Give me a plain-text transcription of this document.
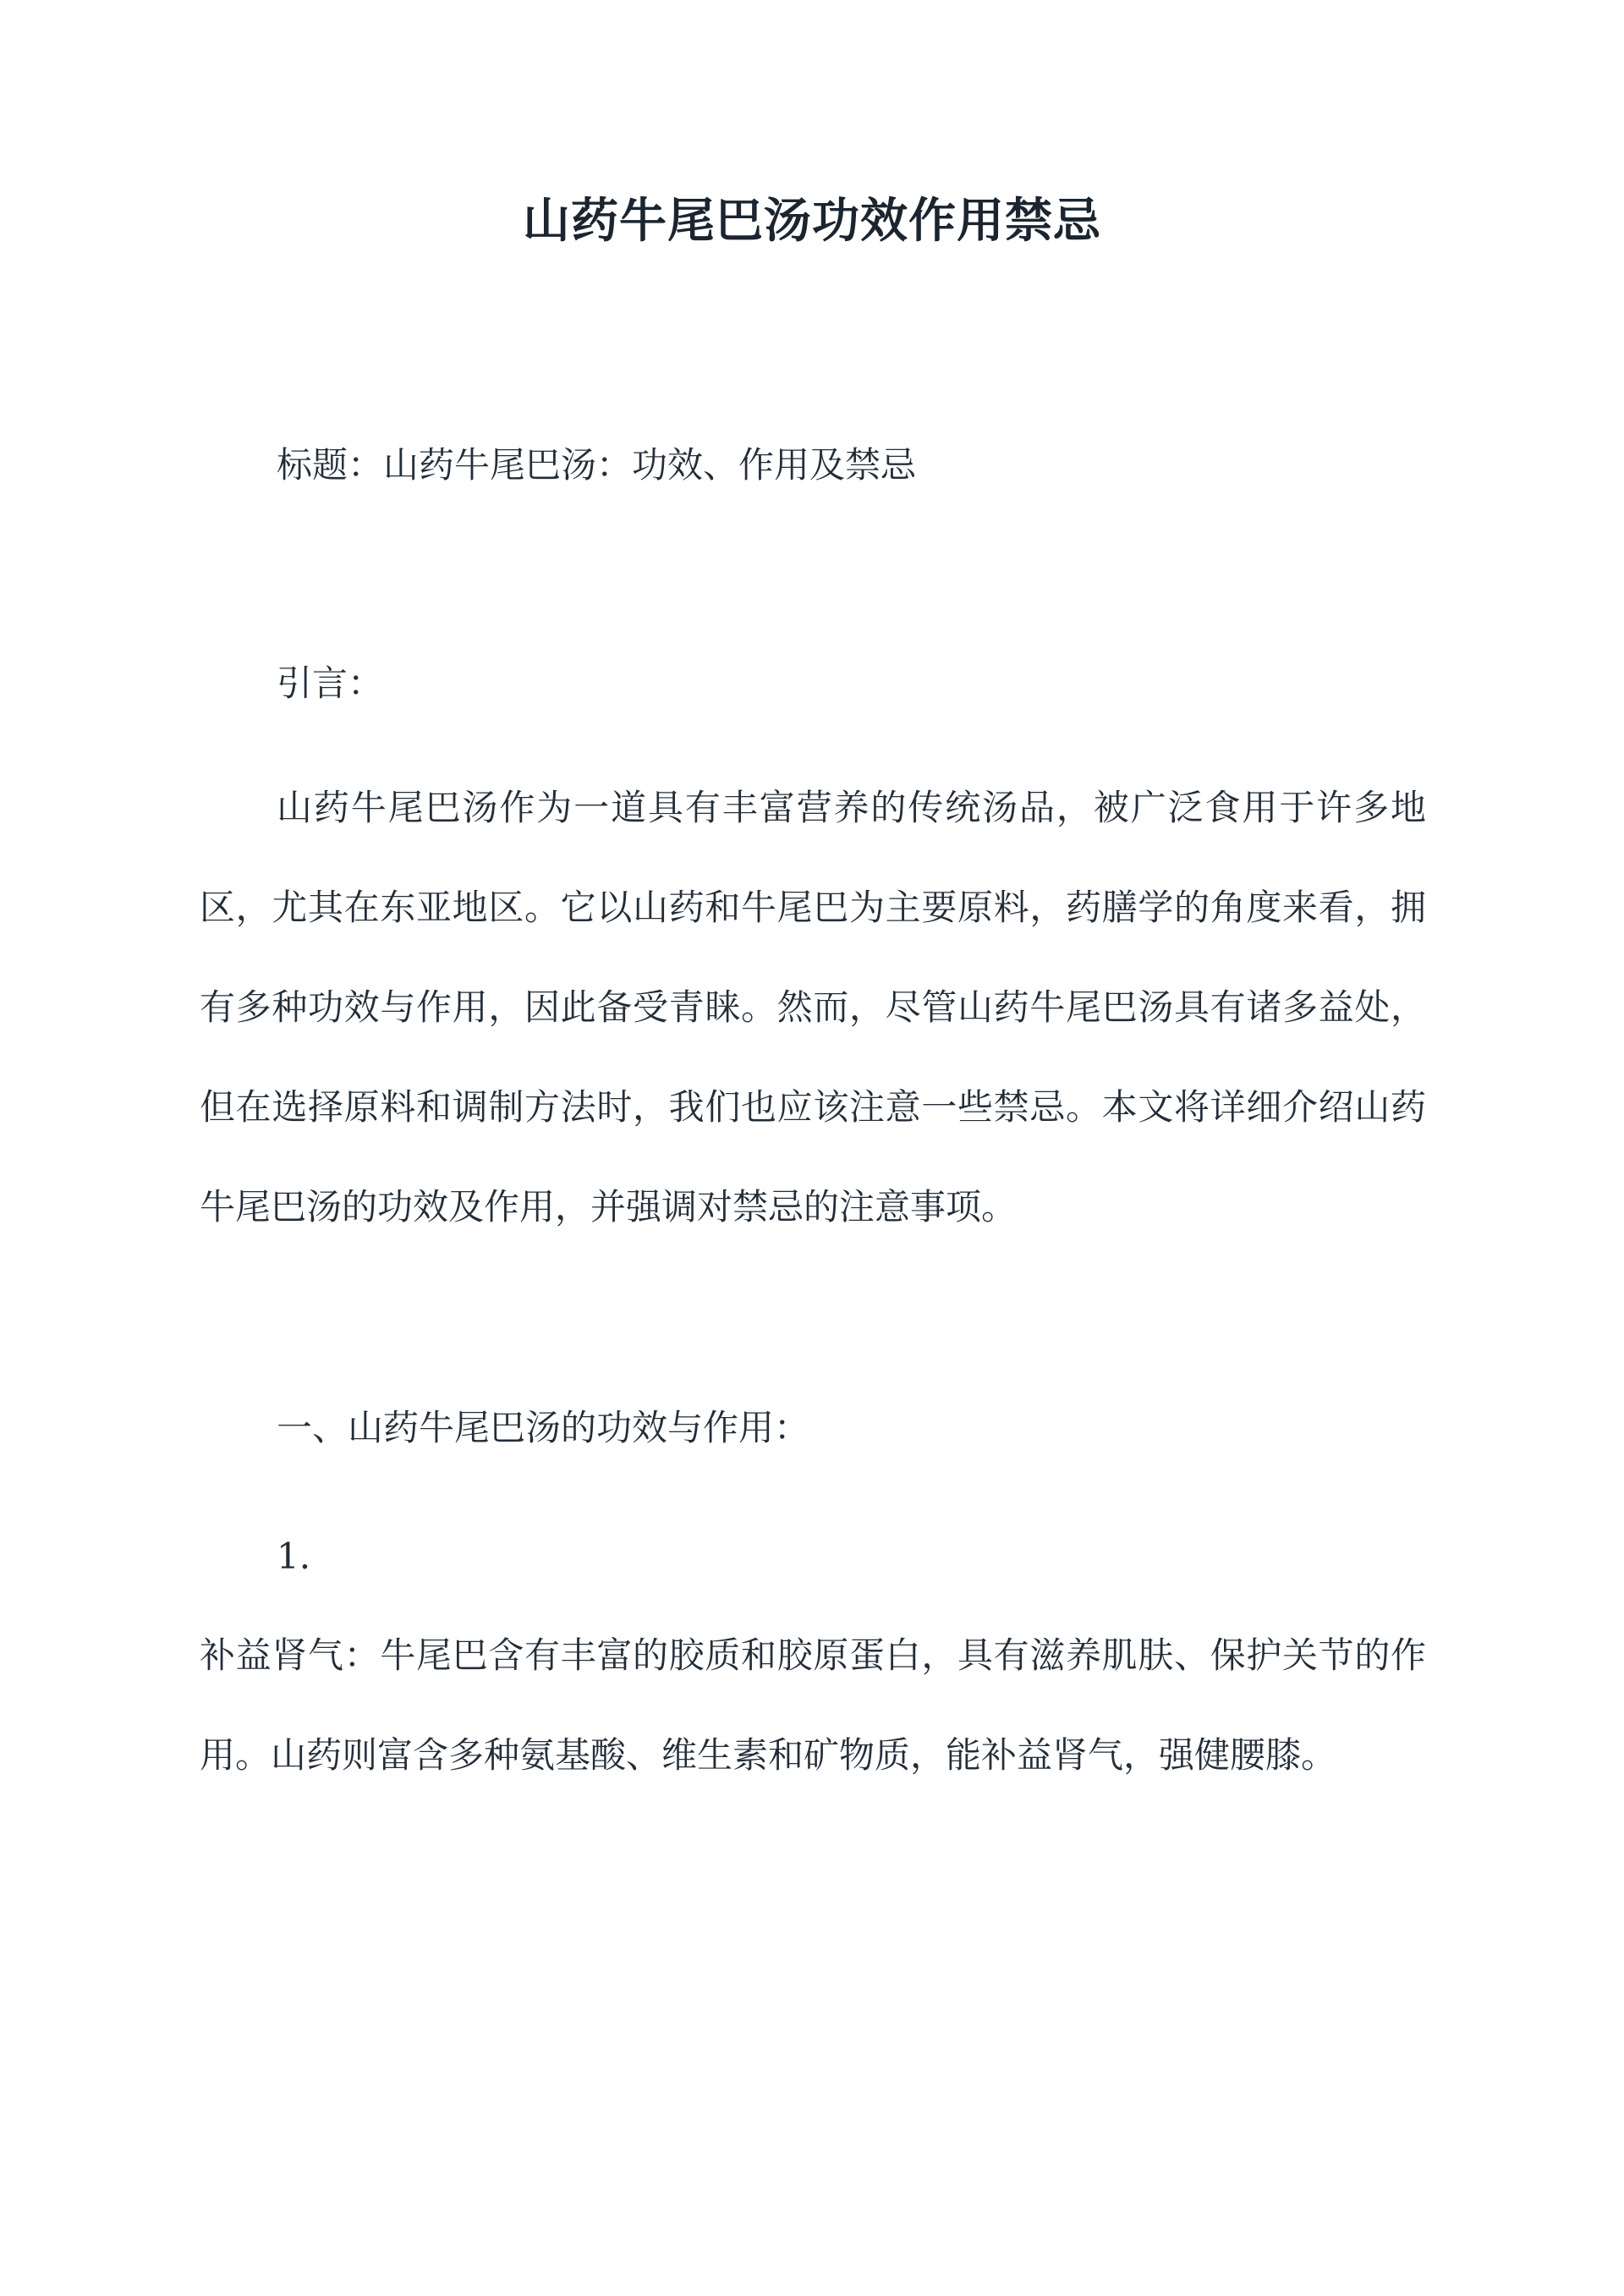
山药牛尾巴汤功效作用禁忌
标题：山药牛尾巴汤：功效、作用及禁忌
引言：

山药牛尾巴汤作为一道具有丰富营养的传统汤品，被广泛食用于许多地区，尤其在东亚地区。它以山药和牛尾巴为主要原料，药膳学的角度来看，拥有多种功效与作用，因此备受青睐。然而，尽管山药牛尾巴汤具有诸多益处，但在选择原料和调制方法时，我们也应该注意一些禁忌。本文将详细介绍山药牛尾巴汤的功效及作用，并强调对禁忌的注意事项。

一、山药牛尾巴汤的功效与作用：
1.

补益肾气：牛尾巴含有丰富的胶质和胶原蛋白，具有滋养肌肤、保护关节的作用。山药则富含多种氨基酸、维生素和矿物质，能补益肾气，强健腰膝。
